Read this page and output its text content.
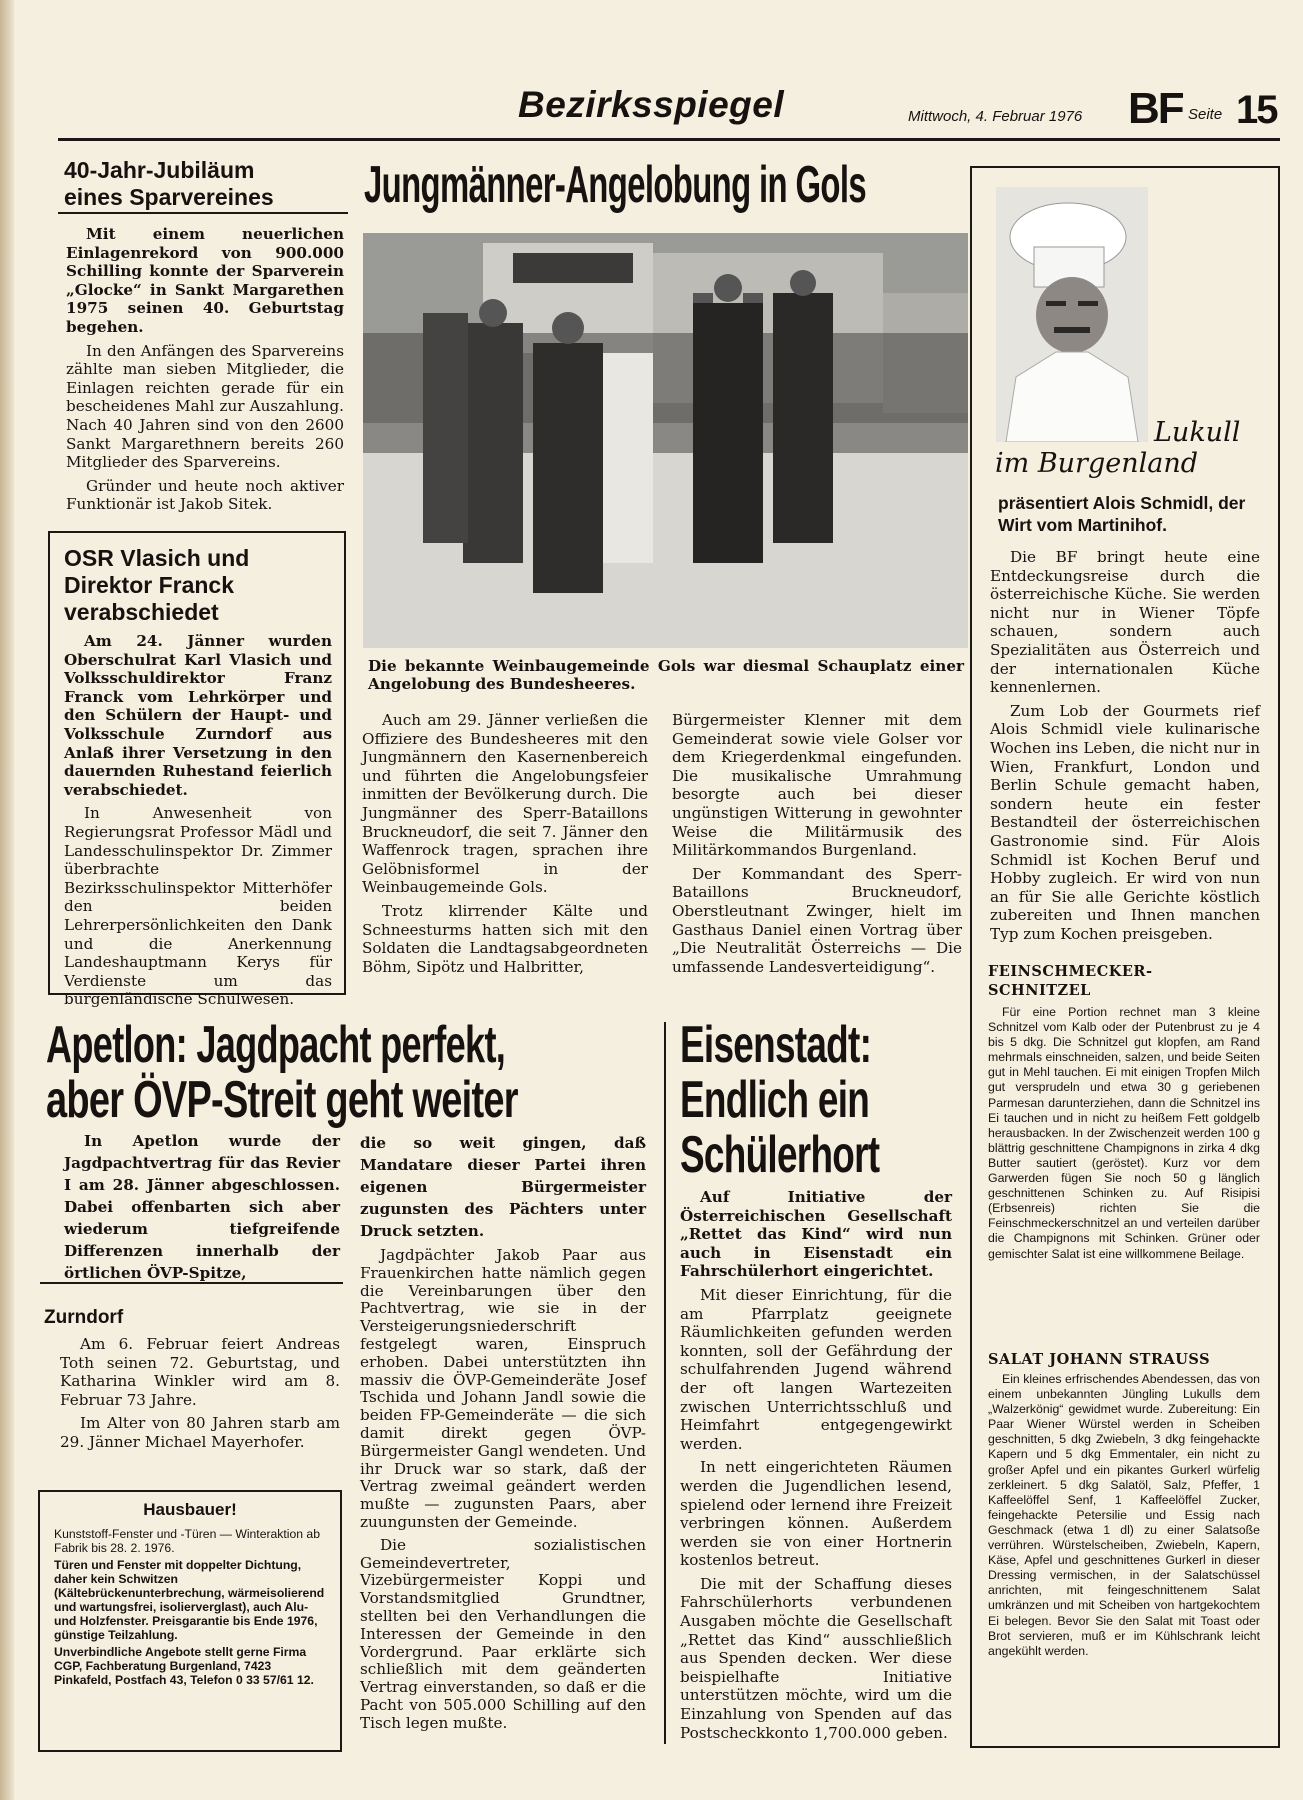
Bezirksspiegel	Mittwoch, 4. Februar 1976 BF Seite 15
40-Jahr-Jubiläum eines Sparvereines

Mit einem neuerlichen Einlagenrekord von 900.000 Schilling konnte der Sparverein „Glocke“ in Sankt Margarethen 1975 seinen 40. Geburtstag begehen.

In den Anfängen des Sparvereins zählte man sieben Mitglieder, die Einlagen reichten gerade für ein bescheidenes Mahl zur Auszahlung. Nach 40 Jahren sind von den 2600 Sankt Margarethnern bereits 260 Mitglieder des Sparvereins.

Gründer und heute noch aktiver Funktionär ist Jakob Sitek.

OSR Vlasich und Direktor Franck verabschiedet

Am 24. Jänner wurden Oberschulrat Karl Vlasich und Volksschuldirektor Franz Franck vom Lehrkörper und den Schülern der Haupt- und Volksschule Zurndorf aus Anlaß ihrer Versetzung in den dauernden Ruhestand feierlich verabschiedet.

In Anwesenheit von Regierungsrat Professor Mädl und Landesschulinspektor Dr. Zimmer überbrachte Bezirksschulinspektor Mitterhöfer den beiden Lehrerpersönlichkeiten den Dank und die Anerkennung Landeshauptmann Kerys für Verdienste um das burgenländische Schulwesen.

Jungmänner-Angelobung in Gols
Die bekannte Weinbaugemeinde Gols war diesmal Schauplatz einer Angelobung des Bundesheeres.

Auch am 29. Jänner verließen die Offiziere des Bundesheeres mit den Jungmännern den Kasernenbereich und führten die Angelobungsfeier inmitten der Bevölkerung durch. Die Jungmänner des Sperr-Bataillons Bruckneudorf, die seit 7. Jänner den Waffenrock tragen, sprachen ihre Gelöbnisformel in der Weinbaugemeinde Gols.

Trotz klirrender Kälte und Schneesturms hatten sich mit den Soldaten die Landtagsabgeordneten Böhm, Sipötz und Halbritter,

Bürgermeister Klenner mit dem Gemeinderat sowie viele Golser vor dem Kriegerdenkmal eingefunden. Die musikalische Umrahmung besorgte auch bei dieser ungünstigen Witterung in gewohnter Weise die Militärmusik des Militärkommandos Burgenland.

Der Kommandant des Sperr-Bataillons Bruckneudorf, Oberstleutnant Zwinger, hielt im Gasthaus Daniel einen Vortrag über „Die Neutralität Österreichs — Die umfassende Landesverteidigung“.

Lukull
im Burgenland
präsentiert Alois Schmidl, der Wirt vom Martinihof.

Die BF bringt heute eine Entdeckungsreise durch die österreichische Küche. Sie werden nicht nur in Wiener Töpfe schauen, sondern auch Spezialitäten aus Österreich und der internationalen Küche kennenlernen.

Zum Lob der Gourmets rief Alois Schmidl viele kulinarische Wochen ins Leben, die nicht nur in Wien, Frankfurt, London und Berlin Schule gemacht haben, sondern heute ein fester Bestandteil der österreichischen Gastronomie sind. Für Alois Schmidl ist Kochen Beruf und Hobby zugleich. Er wird von nun an für Sie alle Gerichte köstlich zubereiten und Ihnen manchen Typ zum Kochen preisgeben.

FEINSCHMECKER-SCHNITZEL
Für eine Portion rechnet man 3 kleine Schnitzel vom Kalb oder der Putenbrust zu je 4 bis 5 dkg. Die Schnitzel gut klopfen, am Rand mehrmals einschneiden, salzen, und beide Seiten gut in Mehl tauchen. Ei mit einigen Tropfen Milch gut versprudeln und etwa 30 g geriebenen Parmesan darunterziehen, dann die Schnitzel ins Ei tauchen und in nicht zu heißem Fett goldgelb herausbacken. In der Zwischenzeit werden 100 g blättrig geschnittene Champignons in zirka 4 dkg Butter sautiert (geröstet). Kurz vor dem Garwerden fügen Sie noch 50 g länglich geschnittenen Schinken zu. Auf Risipisi (Erbsenreis) richten Sie die Feinschmeckerschnitzel an und verteilen darüber die Champignons mit Schinken. Grüner oder gemischter Salat ist eine willkommene Beilage.
SALAT JOHANN STRAUSS
Ein kleines erfrischendes Abendessen, das von einem unbekannten Jüngling Lukulls dem „Walzerkönig“ gewidmet wurde. Zubereitung: Ein Paar Wiener Würstel werden in Scheiben geschnitten, 5 dkg Zwiebeln, 3 dkg feingehackte Kapern und 5 dkg Emmentaler, ein nicht zu großer Apfel und ein pikantes Gurkerl würfelig zerkleinert. 5 dkg Salatöl, Salz, Pfeffer, 1 Kaffeelöffel Senf, 1 Kaffeelöffel Zucker, feingehackte Petersilie und Essig nach Geschmack (etwa 1 dl) zu einer Salatsoße verrühren. Würstelscheiben, Zwiebeln, Kapern, Käse, Apfel und geschnittenes Gurkerl in dieser Dressing vermischen, in der Salatschüssel anrichten, mit feingeschnittenem Salat umkränzen und mit Scheiben von hartgekochtem Ei belegen. Bevor Sie den Salat mit Toast oder Brot servieren, muß er im Kühlschrank leicht angekühlt werden.
Apetlon: Jagdpacht perfekt,
aber ÖVP-Streit geht weiter
In Apetlon wurde der Jagdpachtvertrag für das Revier I am 28. Jänner abgeschlossen. Dabei offenbarten sich aber wiederum tiefgreifende Differenzen innerhalb der örtlichen ÖVP-Spitze,

die so weit gingen, daß Mandatare dieser Partei ihren eigenen Bürgermeister zugunsten des Pächters unter Druck setzten.

Jagdpächter Jakob Paar aus Frauenkirchen hatte nämlich gegen die Vereinbarungen über den Pachtvertrag, wie sie in der Versteigerungsniederschrift festgelegt waren, Einspruch erhoben. Dabei unterstützten ihn massiv die ÖVP-Gemeinderäte Josef Tschida und Johann Jandl sowie die beiden FP-Gemeinderäte — die sich damit direkt gegen ÖVP-Bürgermeister Gangl wendeten. Und ihr Druck war so stark, daß der Vertrag zweimal geändert werden mußte — zugunsten Paars, aber zuungunsten der Gemeinde.

Die sozialistischen Gemeindevertreter, Vizebürgermeister Koppi und Vorstandsmitglied Grundtner, stellten bei den Verhandlungen die Interessen der Gemeinde in den Vordergrund. Paar erklärte sich schließlich mit dem geänderten Vertrag einverstanden, so daß er die Pacht von 505.000 Schilling auf den Tisch legen mußte.

Zurndorf

Am 6. Februar feiert Andreas Toth seinen 72. Geburtstag, und Katharina Winkler wird am 8. Februar 73 Jahre.

Im Alter von 80 Jahren starb am 29. Jänner Michael Mayerhofer.

Hausbauer!

Kunststoff-Fenster und -Türen — Winteraktion ab Fabrik bis 28. 2. 1976.

Türen und Fenster mit doppelter Dichtung, daher kein Schwitzen (Kältebrückenunterbrechung, wärmeisolierend und wartungsfrei, isolierverglast), auch Alu- und Holzfenster. Preisgarantie bis Ende 1976, günstige Teilzahlung.

Unverbindliche Angebote stellt gerne Firma CGP, Fachberatung Burgenland, 7423 Pinkafeld, Postfach 43, Telefon 0 33 57/61 12.

Eisenstadt:
Endlich ein
Schülerhort

Auf Initiative der Österreichischen Gesellschaft „Rettet das Kind“ wird nun auch in Eisenstadt ein Fahrschülerhort eingerichtet.

Mit dieser Einrichtung, für die am Pfarrplatz geeignete Räumlichkeiten gefunden werden konnten, soll der Gefährdung der schulfahrenden Jugend während der oft langen Wartezeiten zwischen Unterrichtsschluß und Heimfahrt entgegengewirkt werden.

In nett eingerichteten Räumen werden die Jugendlichen lesend, spielend oder lernend ihre Freizeit verbringen können. Außerdem werden sie von einer Hortnerin kostenlos betreut.

Die mit der Schaffung dieses Fahrschülerhorts verbundenen Ausgaben möchte die Gesellschaft „Rettet das Kind“ ausschließlich aus Spenden decken. Wer diese beispielhafte Initiative unterstützen möchte, wird um die Einzahlung von Spenden auf das Postscheckkonto 1,700.000 geben.
